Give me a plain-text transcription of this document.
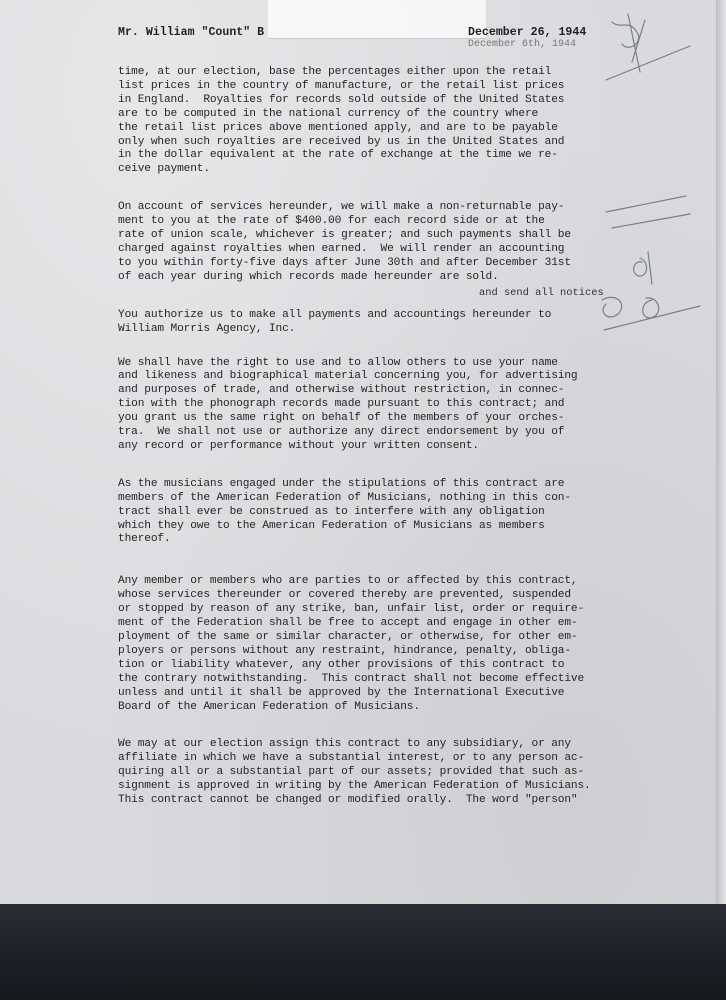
Mr. William "Count" B	December 26, 1944
December 6th, 1944

time, at our election, base the percentages either upon the retail
list prices in the country of manufacture, or the retail list prices
in England.  Royalties for records sold outside of the United States
are to be computed in the national currency of the country where
the retail list prices above mentioned apply, and are to be payable
only when such royalties are received by us in the United States and
in the dollar equivalent at the rate of exchange at the time we re-
ceive payment.

On account of services hereunder, we will make a non-returnable pay-
ment to you at the rate of $400.00 for each record side or at the
rate of union scale, whichever is greater; and such payments shall be
charged against royalties when earned.  We will render an accounting
to you within forty-five days after June 30th and after December 31st
of each year during which records made hereunder are sold.

You authorize us to make all payments and accountings hereunder to
William Morris Agency, Inc.

We shall have the right to use and to allow others to use your name
and likeness and biographical material concerning you, for advertising
and purposes of trade, and otherwise without restriction, in connec-
tion with the phonograph records made pursuant to this contract; and
you grant us the same right on behalf of the members of your orches-
tra.  We shall not use or authorize any direct endorsement by you of
any record or performance without your written consent.

As the musicians engaged under the stipulations of this contract are
members of the American Federation of Musicians, nothing in this con-
tract shall ever be construed as to interfere with any obligation
which they owe to the American Federation of Musicians as members
thereof.

Any member or members who are parties to or affected by this contract,
whose services thereunder or covered thereby are prevented, suspended
or stopped by reason of any strike, ban, unfair list, order or require-
ment of the Federation shall be free to accept and engage in other em-
ployment of the same or similar character, or otherwise, for other em-
ployers or persons without any restraint, hindrance, penalty, obliga-
tion or liability whatever, any other provisions of this contract to
the contrary notwithstanding.  This contract shall not become effective
unless and until it shall be approved by the International Executive
Board of the American Federation of Musicians.

We may at our election assign this contract to any subsidiary, or any
affiliate in which we have a substantial interest, or to any person ac-
quiring all or a substantial part of our assets; provided that such as-
signment is approved in writing by the American Federation of Musicians.
This contract cannot be changed or modified orally.  The word "person"

and send all notices
